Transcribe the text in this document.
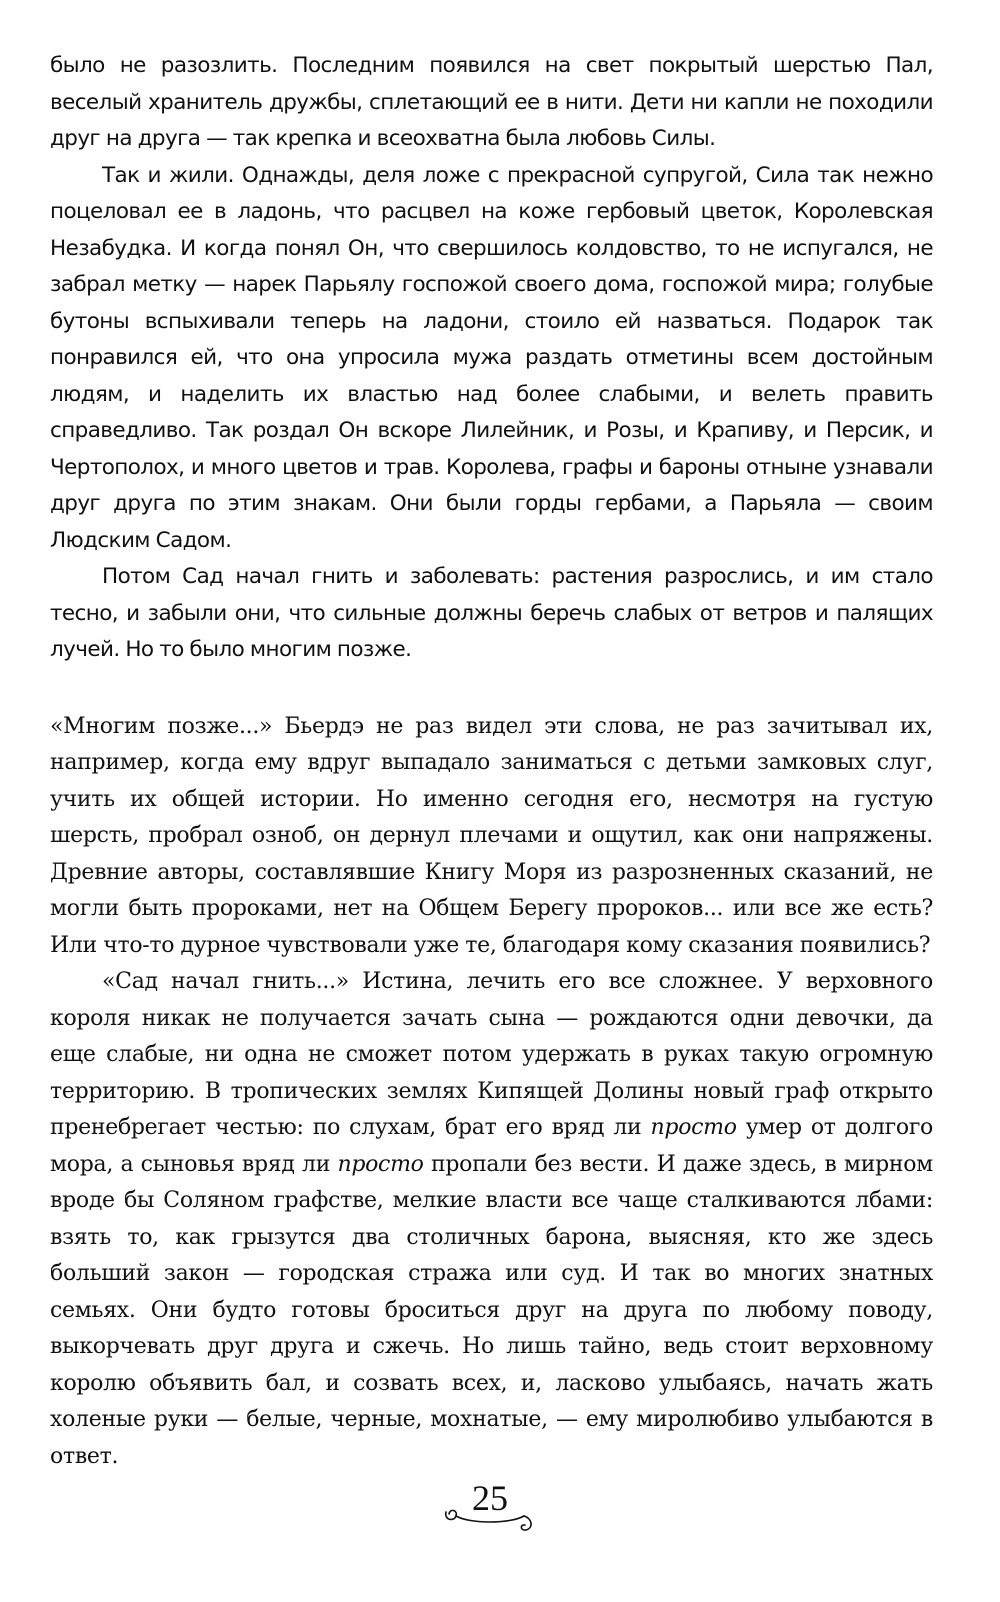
было не разозлить. Последним появился на свет покрытый шерстью Пал, веселый хранитель дружбы, сплетающий ее в нити. Дети ни капли не походили друг на друга — так крепка и всеохватна была любовь Силы.

Так и жили. Однажды, деля ложе с прекрасной супругой, Сила так нежно поцеловал ее в ладонь, что расцвел на коже гербовый цветок, Королевская Незабудка. И когда понял Он, что свершилось колдовство, то не испугался, не забрал метку — нарек Парьялу госпожой своего дома, госпожой мира; голубые бутоны вспыхивали теперь на ладони, стоило ей назваться. Подарок так понравился ей, что она упросила мужа раздать отметины всем достойным людям, и наделить их властью над более слабыми, и велеть править справедливо. Так роздал Он вскоре Лилейник, и Розы, и Крапиву, и Персик, и Чертополох, и много цветов и трав. Королева, графы и бароны отныне узнавали друг друга по этим знакам. Они были горды гербами, а Парьяла — своим Людским Садом.

Потом Сад начал гнить и заболевать: растения разрослись, и им стало тесно, и забыли они, что сильные должны беречь слабых от ветров и палящих лучей. Но то было многим позже.

«Многим позже...» Бьердэ не раз видел эти слова, не раз зачитывал их, например, когда ему вдруг выпадало заниматься с детьми замковых слуг, учить их общей истории. Но именно сегодня его, несмотря на густую шерсть, пробрал озноб, он дернул плечами и ощутил, как они напряжены. Древние авторы, составлявшие Книгу Моря из разрозненных сказаний, не могли быть пророками, нет на Общем Берегу пророков... или все же есть? Или что-то дурное чувствовали уже те, благодаря кому сказания появились?

«Сад начал гнить...» Истина, лечить его все сложнее. У верховного короля никак не получается зачать сына — рождаются одни девочки, да еще слабые, ни одна не сможет потом удержать в руках такую огромную территорию. В тропических землях Кипящей Долины новый граф открыто пренебрегает честью: по слухам, брат его вряд ли просто умер от долгого мора, а сыновья вряд ли просто пропали без вести. И даже здесь, в мирном вроде бы Соляном графстве, мелкие власти все чаще сталкиваются лбами: взять то, как грызутся два столичных барона, выясняя, кто же здесь больший закон — городская стража или суд. И так во многих знатных семьях. Они будто готовы броситься друг на друга по любому поводу, выкорчевать друг друга и сжечь. Но лишь тайно, ведь стоит верховному королю объявить бал, и созвать всех, и, ласково улыбаясь, начать жать холеные руки — белые, черные, мохнатые, — ему миролюбиво улыбаются в ответ.

25
